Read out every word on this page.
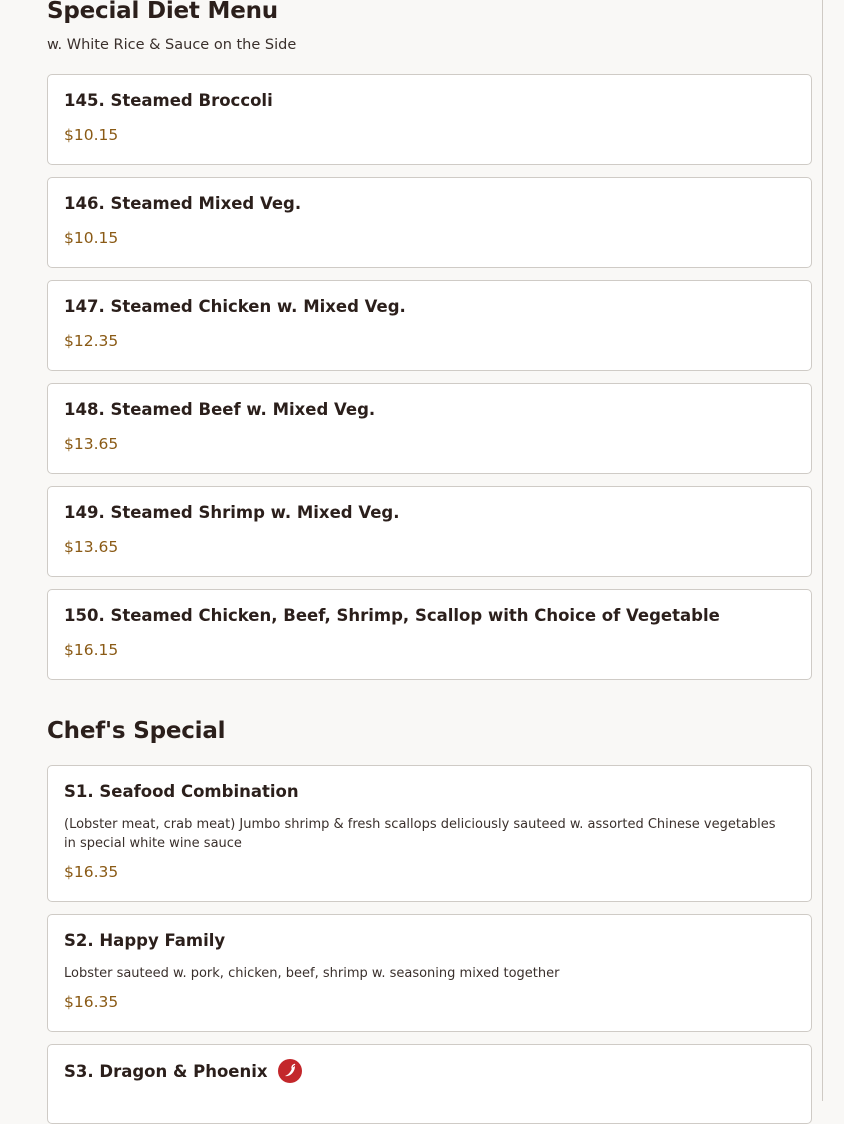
Special Diet Menu

w. White Rice & Sauce on the Side

145. Steamed Broccoli
$10.15
146. Steamed Mixed Veg.
$10.15
147. Steamed Chicken w. Mixed Veg.
$12.35
148. Steamed Beef w. Mixed Veg.
$13.65
149. Steamed Shrimp w. Mixed Veg.
$13.65
150. Steamed Chicken, Beef, Shrimp, Scallop with Choice of Vegetable
$16.15
Chef's Special
S1. Seafood Combination
(Lobster meat, crab meat) Jumbo shrimp & fresh scallops deliciously sauteed w. assorted Chinese vegetables in special white wine sauce
$16.35
S2. Happy Family
Lobster sauteed w. pork, chicken, beef, shrimp w. seasoning mixed together
$16.35
S3. Dragon & Phoenix
